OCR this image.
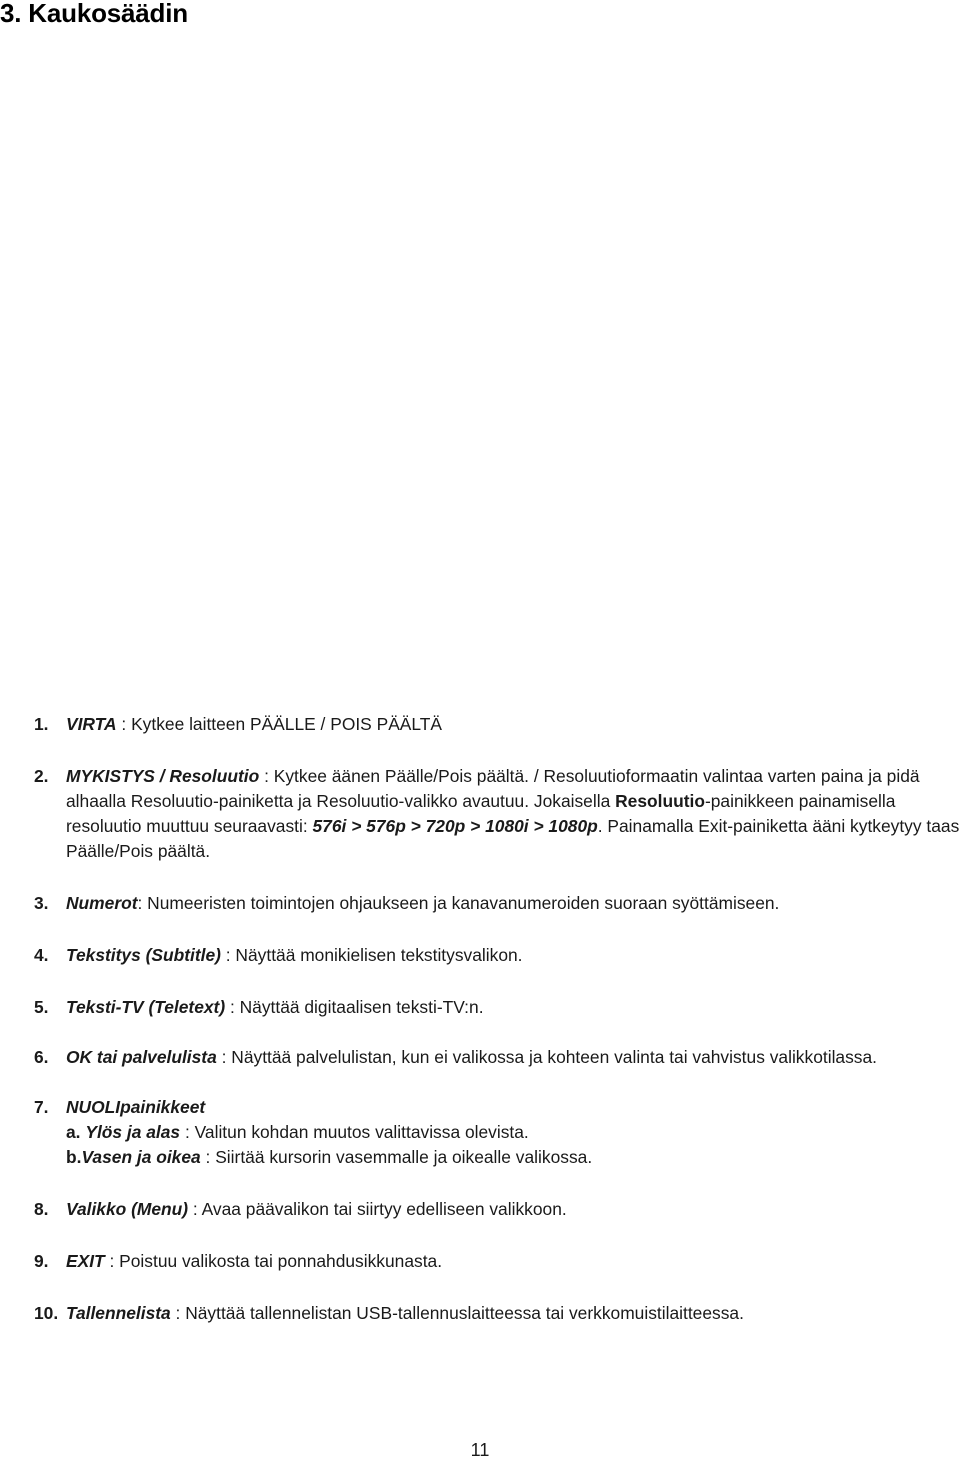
3. Kaukosäädin
1. VIRTA : Kytkee laitteen PÄÄLLE / POIS PÄÄLTÄ
2. MYKISTYS / Resoluutio : Kytkee äänen Päälle/Pois päältä. / Resoluutioformaatin valintaa varten paina ja pidä alhaalla Resoluutio-painiketta ja Resoluutio-valikko avautuu. Jokaisella Resoluutio-painikkeen painamisella resoluutio muuttuu seuraavasti: 576i > 576p > 720p > 1080i > 1080p. Painamalla Exit-painiketta ääni kytkeytyy taas Päälle/Pois päältä.
3. Numerot: Numeeristen toimintojen ohjaukseen ja kanavanumeroiden suoraan syöttämiseen.
4. Tekstitys (Subtitle) : Näyttää monikielisen tekstitysvalikon.
5. Teksti-TV (Teletext) : Näyttää digitaalisen teksti-TV:n.
6. OK tai palvelulista : Näyttää palvelulistan, kun ei valikossa ja kohteen valinta tai vahvistus valikkotilassa.
7. NUOLIpainikkeet
a. Ylös ja alas : Valitun kohdan muutos valittavissa olevista.
b.Vasen ja oikea : Siirtää kursorin vasemmalle ja oikealle valikossa.
8. Valikko (Menu) : Avaa päävalikon tai siirtyy edelliseen valikkoon.
9. EXIT : Poistuu valikosta tai ponnahdusikkunasta.
10. Tallennelista : Näyttää tallennelistan USB-tallennuslaitteessa tai verkkomuistilaitteessa.
11
